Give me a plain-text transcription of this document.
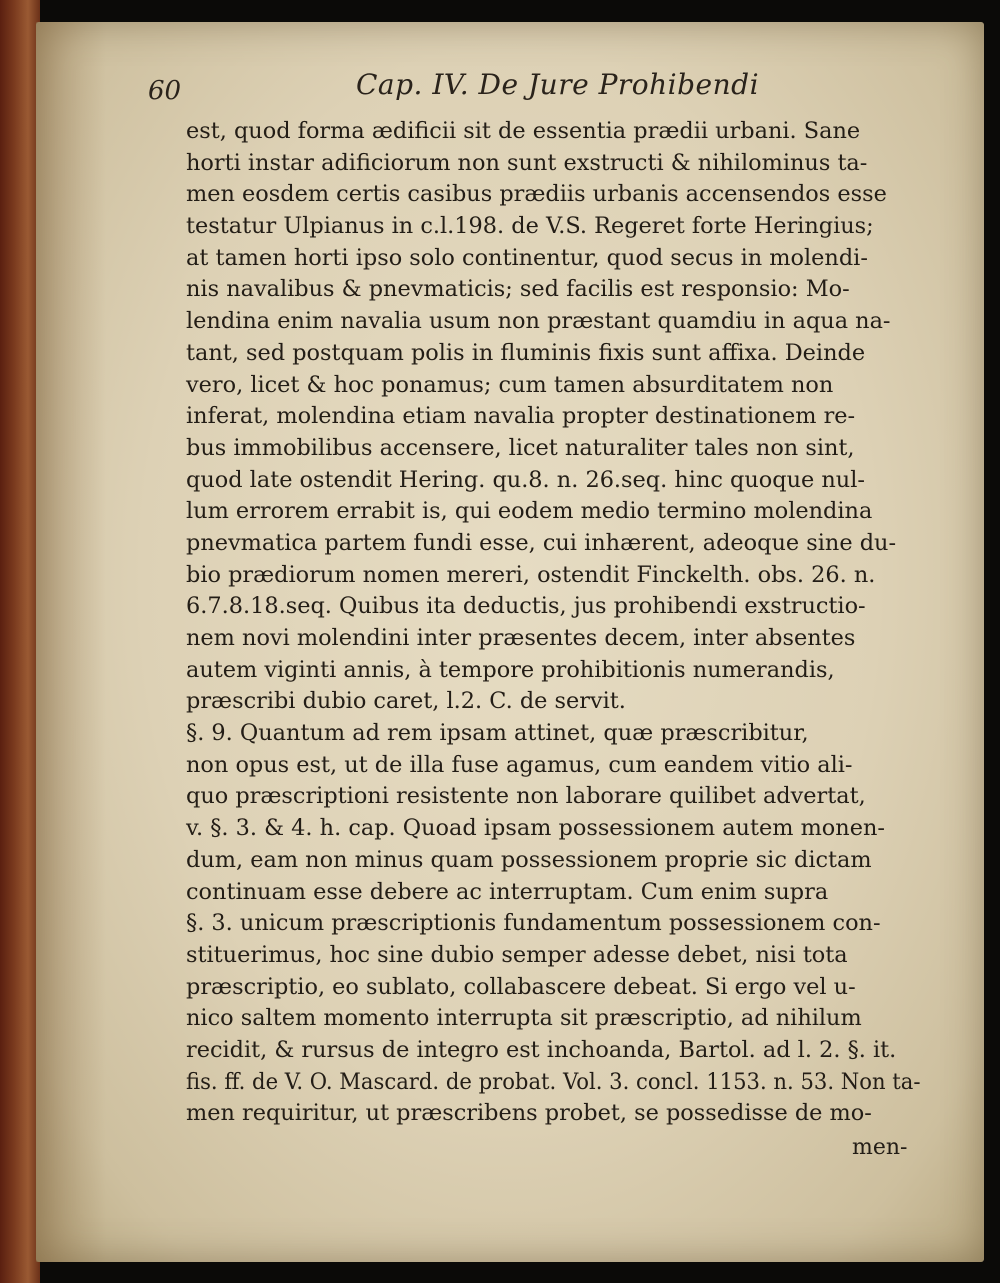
60	Cap. IV. De Jure Prohibendi
est, quod forma ædificii sit de essentia prædii urbani. Sane
horti instar adificiorum non sunt exstructi & nihilominus ta-
men eosdem certis casibus prædiis urbanis accensendos esse
testatur Ulpianus in c.l.198. de V.S. Regeret forte Heringius;
at tamen horti ipso solo continentur, quod secus in molendi-
nis navalibus & pnevmaticis; sed facilis est responsio: Mo-
lendina enim navalia usum non præstant quamdiu in aqua na-
tant, sed postquam polis in fluminis fixis sunt affixa. Deinde
vero, licet & hoc ponamus; cum tamen absurditatem non
inferat, molendina etiam navalia propter destinationem re-
bus immobilibus accensere, licet naturaliter tales non sint,
quod late ostendit Hering. qu.8. n. 26.seq. hinc quoque nul-
lum errorem errabit is, qui eodem medio termino molendina
pnevmatica partem fundi esse, cui inhærent, adeoque sine du-
bio prædiorum nomen mereri, ostendit Finckelth. obs. 26. n.
6.7.8.18.seq. Quibus ita deductis, jus prohibendi exstructio-
nem novi molendini inter præsentes decem, inter absentes
autem viginti annis, à tempore prohibitionis numerandis,
præscribi dubio caret, l.2. C. de servit.
§. 9. Quantum ad rem ipsam attinet, quæ præscribitur,
non opus est, ut de illa fuse agamus, cum eandem vitio ali-
quo præscriptioni resistente non laborare quilibet advertat,
v. §. 3. & 4. h. cap. Quoad ipsam possessionem autem monen-
dum, eam non minus quam possessionem proprie sic dictam
continuam esse debere ac interruptam. Cum enim supra
§. 3. unicum præscriptionis fundamentum possessionem con-
stituerimus, hoc sine dubio semper adesse debet, nisi tota
præscriptio, eo sublato, collabascere debeat. Si ergo vel u-
nico saltem momento interrupta sit præscriptio, ad nihilum
recidit, & rursus de integro est inchoanda, Bartol. ad l. 2. §. it.
fis. ff. de V. O. Mascard. de probat. Vol. 3. concl. 1153. n. 53. Non ta-
men requiritur, ut præscribens probet, se possedisse de mo-
men-
